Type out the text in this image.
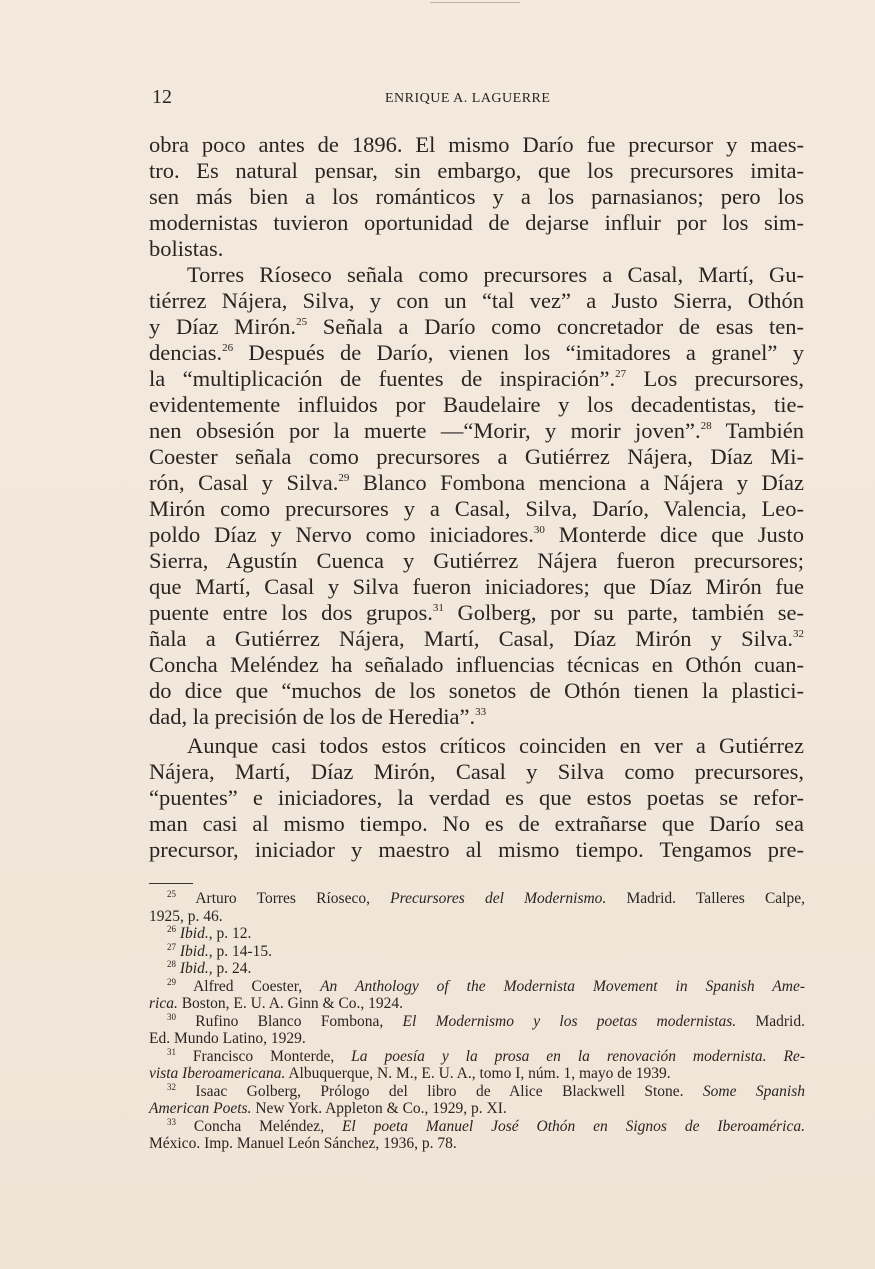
12	ENRIQUE A. LAGUERRE

obra poco antes de 1896. El mismo Darío fue precursor y maes-
tro. Es natural pensar, sin embargo, que los precursores imita-
sen más bien a los románticos y a los parnasianos; pero los
modernistas tuvieron oportunidad de dejarse influir por los sim-
bolistas.

Torres Ríoseco señala como precursores a Casal, Martí, Gu-
tiérrez Nájera, Silva, y con un “tal vez” a Justo Sierra, Othón
y Díaz Mirón.$^{25}$ Señala a Darío como concretador de esas ten-
dencias.$^{26}$ Después de Darío, vienen los “imitadores a granel” y
la “multiplicación de fuentes de inspiración”.$^{27}$ Los precursores,
evidentemente influidos por Baudelaire y los decadentistas, tie-
nen obsesión por la muerte —“Morir, y morir joven”.$^{28}$ También
Coester señala como precursores a Gutiérrez Nájera, Díaz Mi-
rón, Casal y Silva.$^{29}$ Blanco Fombona menciona a Nájera y Díaz
Mirón como precursores y a Casal, Silva, Darío, Valencia, Leo-
poldo Díaz y Nervo como iniciadores.$^{30}$ Monterde dice que Justo
Sierra, Agustín Cuenca y Gutiérrez Nájera fueron precursores;
que Martí, Casal y Silva fueron iniciadores; que Díaz Mirón fue
puente entre los dos grupos.$^{31}$ Golberg, por su parte, también se-
ñala a Gutiérrez Nájera, Martí, Casal, Díaz Mirón y Silva.$^{32}$
Concha Meléndez ha señalado influencias técnicas en Othón cuan-
do dice que “muchos de los sonetos de Othón tienen la plastici-
dad, la precisión de los de Heredia”.$^{33}$

Aunque casi todos estos críticos coinciden en ver a Gutiérrez
Nájera, Martí, Díaz Mirón, Casal y Silva como precursores,
“puentes” e iniciadores, la verdad es que estos poetas se refor-
man casi al mismo tiempo. No es de extrañarse que Darío sea
precursor, iniciador y maestro al mismo tiempo. Tengamos pre-

$^{25}$ Arturo Torres Ríoseco, Precursores del Modernismo. Madrid. Talleres Calpe,
1925, p. 46.
$^{26}$ Ibid., p. 12.
$^{27}$ Ibid., p. 14-15.
$^{28}$ Ibid., p. 24.
$^{29}$ Alfred Coester, An Anthology of the Modernista Movement in Spanish Ame-
rica. Boston, E. U. A. Ginn & Co., 1924.
$^{30}$ Rufino Blanco Fombona, El Modernismo y los poetas modernistas. Madrid.
Ed. Mundo Latino, 1929.
$^{31}$ Francisco Monterde, La poesía y la prosa en la renovación modernista. Re-
vista Iberoamericana. Albuquerque, N. M., E. U. A., tomo I, núm. 1, mayo de 1939.
$^{32}$ Isaac Golberg, Prólogo del libro de Alice Blackwell Stone. Some Spanish
American Poets. New York. Appleton & Co., 1929, p. XI.
$^{33}$ Concha Meléndez, El poeta Manuel José Othón en Signos de Iberoamérica.
México. Imp. Manuel León Sánchez, 1936, p. 78.
